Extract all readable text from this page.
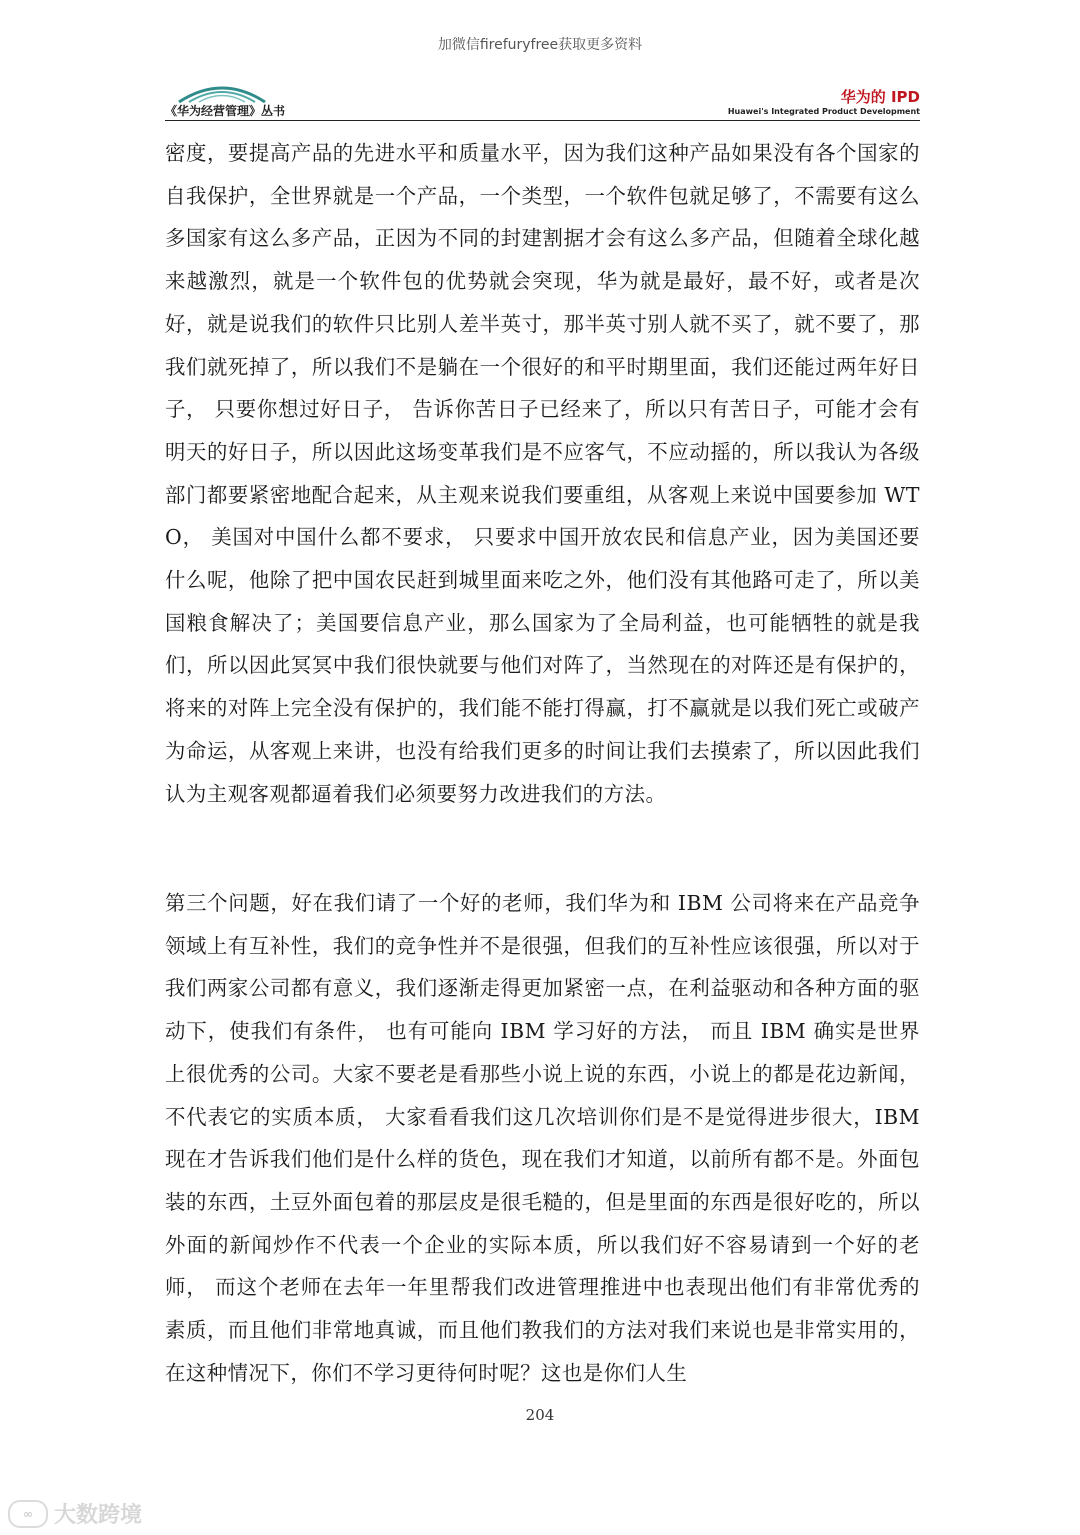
加微信firefuryfree获取更多资料
《华为经营管理》丛书
华为的 IPD
Huawei's Integrated Product Development

密度，要提高产品的先进水平和质量水平，因为我们这种产品如果没有各个国家的自我保护，全世界就是一个产品，一个类型，一个软件包就足够了，不需要有这么多国家有这么多产品，正因为不同的封建割据才会有这么多产品，但随着全球化越来越激烈，就是一个软件包的优势就会突现，华为就是最好，最不好，或者是次好，就是说我们的软件只比别人差半英寸，那半英寸别人就不买了，就不要了，那我们就死掉了，所以我们不是躺在一个很好的和平时期里面，我们还能过两年好日子， 只要你想过好日子， 告诉你苦日子已经来了，所以只有苦日子，可能才会有明天的好日子，所以因此这场变革我们是不应客气，不应动摇的，所以我认为各级部门都要紧密地配合起来，从主观来说我们要重组，从客观上来说中国要参加 WTO， 美国对中国什么都不要求， 只要求中国开放农民和信息产业，因为美国还要什么呢，他除了把中国农民赶到城里面来吃之外，他们没有其他路可走了，所以美国粮食解决了；美国要信息产业，那么国家为了全局利益，也可能牺牲的就是我们，所以因此冥冥中我们很快就要与他们对阵了，当然现在的对阵还是有保护的，将来的对阵上完全没有保护的，我们能不能打得赢，打不赢就是以我们死亡或破产为命运，从客观上来讲，也没有给我们更多的时间让我们去摸索了，所以因此我们认为主观客观都逼着我们必须要努力改进我们的方法。

第三个问题，好在我们请了一个好的老师，我们华为和 IBM 公司将来在产品竞争领域上有互补性，我们的竞争性并不是很强，但我们的互补性应该很强，所以对于我们两家公司都有意义，我们逐渐走得更加紧密一点，在利益驱动和各种方面的驱动下，使我们有条件， 也有可能向 IBM 学习好的方法， 而且 IBM 确实是世界上很优秀的公司。大家不要老是看那些小说上说的东西，小说上的都是花边新闻， 不代表它的实质本质， 大家看看我们这几次培训你们是不是觉得进步很大，IBM 现在才告诉我们他们是什么样的货色，现在我们才知道，以前所有都不是。外面包装的东西，土豆外面包着的那层皮是很毛糙的，但是里面的东西是很好吃的，所以外面的新闻炒作不代表一个企业的实际本质，所以我们好不容易请到一个好的老师， 而这个老师在去年一年里帮我们改进管理推进中也表现出他们有非常优秀的素质，而且他们非常地真诚，而且他们教我们的方法对我们来说也是非常实用的，在这种情况下，你们不学习更待何时呢？这也是你们人生

204
∞ 大数跨境
